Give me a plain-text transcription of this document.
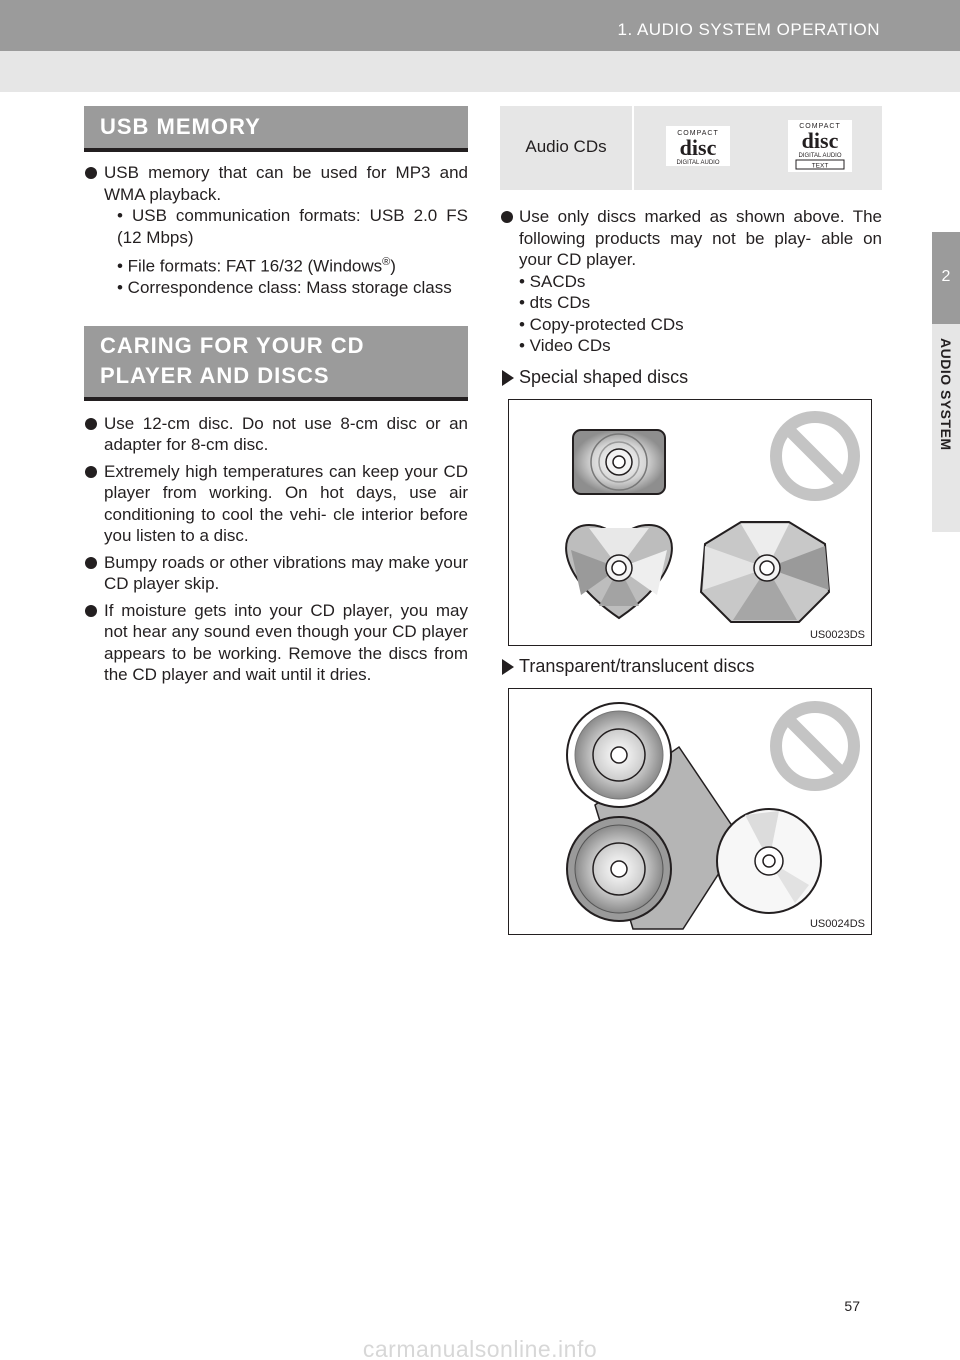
1. AUDIO SYSTEM OPERATION
2
AUDIO SYSTEM
USB MEMORY
USB memory that can be used for MP3 and WMA playback.
• USB communication formats: USB 2.0 FS (12 Mbps)
• File formats: FAT 16/32 (Windows®)
• Correspondence class: Mass storage class
CARING FOR YOUR CD
PLAYER AND DISCS
Use 12-cm disc. Do not use 8-cm disc or an adapter for 8-cm disc.
Extremely high temperatures can keep your CD player from working. On hot days, use air conditioning to cool the vehi- cle interior before you listen to a disc.
Bumpy roads or other vibrations may make your CD player skip.
If moisture gets into your CD player, you may not hear any sound even though your CD player appears to be working. Remove the discs from the CD player and wait until it dries.
Audio CDs
COMPACT
disc
DIGITAL AUDIO
COMPACT
disc
DIGITAL AUDIO
TEXT
Use only discs marked as shown above. The following products may not be play- able on your CD player.
• SACDs
• dts CDs
• Copy-protected CDs
• Video CDs
Special shaped discs
US0023DS
Transparent/translucent discs
US0024DS
57
carmanualsonline.info
